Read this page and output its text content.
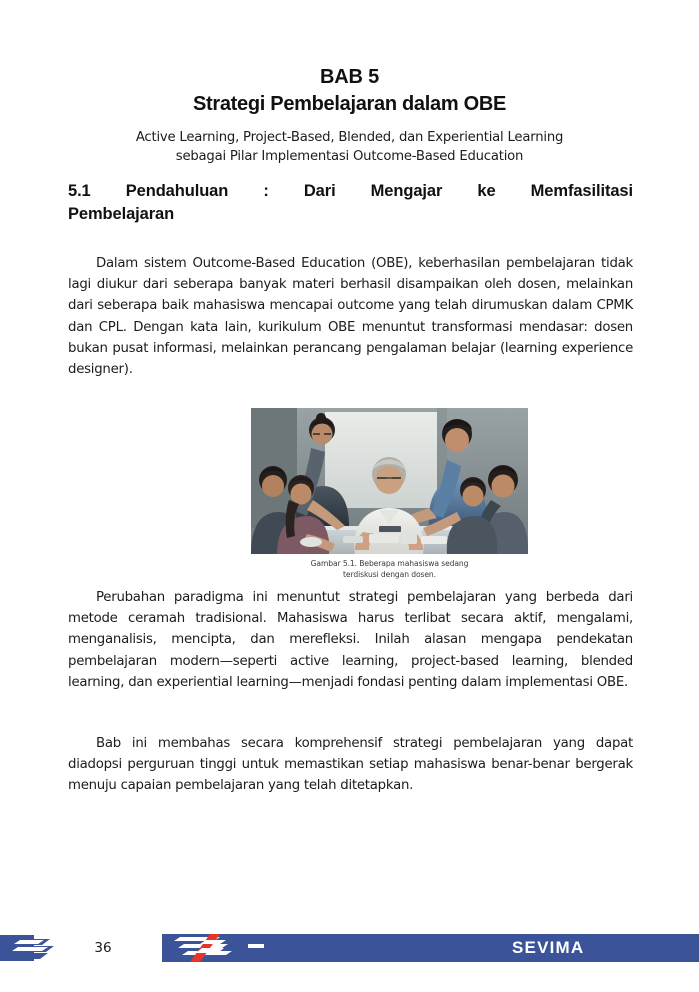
BAB 5
Strategi Pembelajaran dalam OBE
Active Learning, Project-Based, Blended, dan Experiential Learning
sebagai Pilar Implementasi Outcome-Based Education
5.1 Pendahuluan : Dari Mengajar ke Memfasilitasi
Pembelajaran

Dalam sistem Outcome-Based Education (OBE), keberhasilan pembelajaran tidak lagi diukur dari seberapa banyak materi berhasil disampaikan oleh dosen, melainkan dari seberapa baik mahasiswa mencapai outcome yang telah dirumuskan dalam CPMK dan CPL. Dengan kata lain, kurikulum OBE menuntut transformasi mendasar: dosen bukan pusat informasi, melainkan perancang pengalaman belajar (learning experience designer).

Gambar 5.1. Beberapa mahasiswa sedang
terdiskusi dengan dosen.

Perubahan paradigma ini menuntut strategi pembelajaran yang berbeda dari metode ceramah tradisional. Mahasiswa harus terlibat secara aktif, mengalami, menganalisis, mencipta, dan merefleksi. Inilah alasan mengapa pendekatan pembelajaran modern—seperti active learning, project-based learning, blended learning, dan experiential learning—menjadi fondasi penting dalam implementasi OBE.

Bab ini membahas secara komprehensif strategi pembelajaran yang dapat diadopsi perguruan tinggi untuk memastikan setiap mahasiswa benar-benar bergerak menuju capaian pembelajaran yang telah ditetapkan.

36	SEVIMA
